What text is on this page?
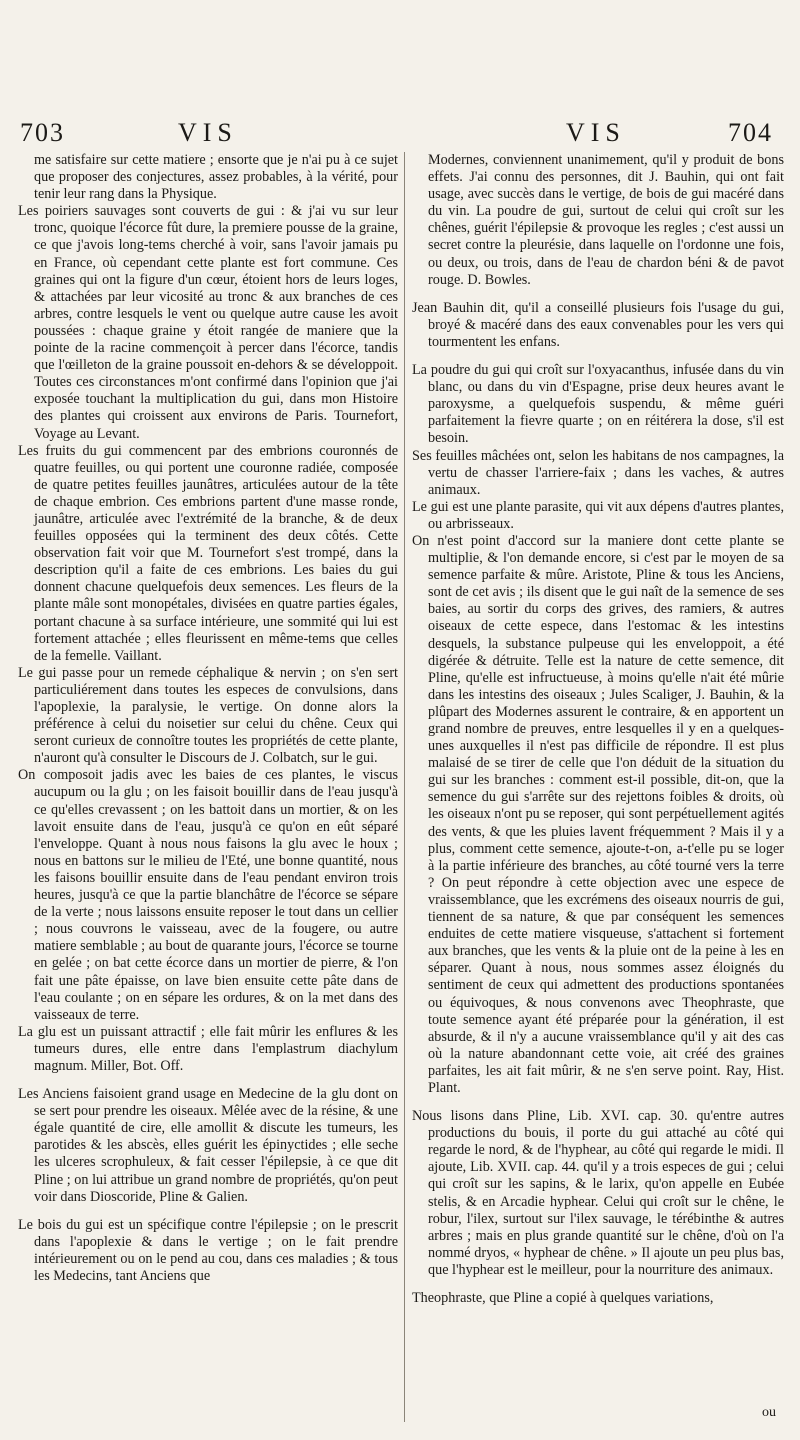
703	VIS	VIS	704

me satisfaire sur cette matiere ; ensorte que je n'ai pu à ce sujet que proposer des conjectures, assez probables, à la vérité, pour tenir leur rang dans la Physique.

Les poiriers sauvages sont couverts de gui : & j'ai vu sur leur tronc, quoique l'écorce fût dure, la premiere pousse de la graine, ce que j'avois long-tems cherché à voir, sans l'avoir jamais pu en France, où cependant cette plante est fort commune. Ces graines qui ont la figure d'un cœur, étoient hors de leurs loges, & attachées par leur vicosité au tronc & aux branches de ces arbres, contre lesquels le vent ou quelque autre cause les avoit poussées : chaque graine y étoit rangée de maniere que la pointe de la racine commençoit à percer dans l'écorce, tandis que l'œilleton de la graine poussoit en-dehors & se développoit. Toutes ces circonstances m'ont confirmé dans l'opinion que j'ai exposée touchant la multiplication du gui, dans mon Histoire des plantes qui croissent aux environs de Paris. Tournefort, Voyage au Levant.

Les fruits du gui commencent par des embrions couronnés de quatre feuilles, ou qui portent une couronne radiée, composée de quatre petites feuilles jaunâtres, articulées autour de la tête de chaque embrion. Ces embrions partent d'une masse ronde, jaunâtre, articulée avec l'extrémité de la branche, & de deux feuilles opposées qui la terminent des deux côtés. Cette observation fait voir que M. Tournefort s'est trompé, dans la description qu'il a faite de ces embrions. Les baies du gui donnent chacune quelquefois deux semences. Les fleurs de la plante mâle sont monopétales, divisées en quatre parties égales, portant chacune à sa surface intérieure, une sommité qui lui est fortement attachée ; elles fleurissent en même-tems que celles de la femelle. Vaillant.

Le gui passe pour un remede céphalique & nervin ; on s'en sert particuliérement dans toutes les especes de convulsions, dans l'apoplexie, la paralysie, le vertige. On donne alors la préférence à celui du noisetier sur celui du chêne. Ceux qui seront curieux de connoître toutes les propriétés de cette plante, n'auront qu'à consulter le Discours de J. Colbatch, sur le gui.

On composoit jadis avec les baies de ces plantes, le viscus aucupum ou la glu ; on les faisoit bouillir dans de l'eau jusqu'à ce qu'elles crevassent ; on les battoit dans un mortier, & on les lavoit ensuite dans de l'eau, jusqu'à ce qu'on en eût séparé l'enveloppe. Quant à nous nous faisons la glu avec le houx ; nous en battons sur le milieu de l'Eté, une bonne quantité, nous les faisons bouillir ensuite dans de l'eau pendant environ trois heures, jusqu'à ce que la partie blanchâtre de l'écorce se sépare de la verte ; nous laissons ensuite reposer le tout dans un cellier ; nous couvrons le vaisseau, avec de la fougere, ou autre matiere semblable ; au bout de quarante jours, l'écorce se tourne en gelée ; on bat cette écorce dans un mortier de pierre, & l'on fait une pâte épaisse, on lave bien ensuite cette pâte dans de l'eau coulante ; on en sépare les ordures, & on la met dans des vaisseaux de terre.

La glu est un puissant attractif ; elle fait mûrir les enflures & les tumeurs dures, elle entre dans l'emplastrum diachylum magnum. Miller, Bot. Off.

Les Anciens faisoient grand usage en Medecine de la glu dont on se sert pour prendre les oiseaux. Mêlée avec de la résine, & une égale quantité de cire, elle amollit & discute les tumeurs, les parotides & les abscès, elles guérit les épinyctides ; elle seche les ulceres scrophuleux, & fait cesser l'épilepsie, à ce que dit Pline ; on lui attribue un grand nombre de propriétés, qu'on peut voir dans Dioscoride, Pline & Galien.

Le bois du gui est un spécifique contre l'épilepsie ; on le prescrit dans l'apoplexie & dans le vertige ; on le fait prendre intérieurement ou on le pend au cou, dans ces maladies ; & tous les Medecins, tant Anciens que

Modernes, conviennent unanimement, qu'il y produit de bons effets. J'ai connu des personnes, dit J. Bauhin, qui ont fait usage, avec succès dans le vertige, de bois de gui macéré dans du vin. La poudre de gui, surtout de celui qui croît sur les chênes, guérit l'épilepsie & provoque les regles ; c'est aussi un secret contre la pleurésie, dans laquelle on l'ordonne une fois, ou deux, ou trois, dans de l'eau de chardon béni & de pavot rouge. D. Bowles.

Jean Bauhin dit, qu'il a conseillé plusieurs fois l'usage du gui, broyé & macéré dans des eaux convenables pour les vers qui tourmentent les enfans.

La poudre du gui qui croît sur l'oxyacanthus, infusée dans du vin blanc, ou dans du vin d'Espagne, prise deux heures avant le paroxysme, a quelquefois suspendu, & même guéri parfaitement la fievre quarte ; on en réitérera la dose, s'il est besoin.

Ses feuilles mâchées ont, selon les habitans de nos campagnes, la vertu de chasser l'arriere-faix ; dans les vaches, & autres animaux.

Le gui est une plante parasite, qui vit aux dépens d'autres plantes, ou arbrisseaux.

On n'est point d'accord sur la maniere dont cette plante se multiplie, & l'on demande encore, si c'est par le moyen de sa semence parfaite & mûre. Aristote, Pline & tous les Anciens, sont de cet avis ; ils disent que le gui naît de la semence de ses baies, au sortir du corps des grives, des ramiers, & autres oiseaux de cette espece, dans l'estomac & les intestins desquels, la substance pulpeuse qui les enveloppoit, a été digérée & détruite. Telle est la nature de cette semence, dit Pline, qu'elle est infructueuse, à moins qu'elle n'ait été mûrie dans les intestins des oiseaux ; Jules Scaliger, J. Bauhin, & la plûpart des Modernes assurent le contraire, & en apportent un grand nombre de preuves, entre lesquelles il y en a quelques-unes auxquelles il n'est pas difficile de répondre. Il est plus malaisé de se tirer de celle que l'on déduit de la situation du gui sur les branches : comment est-il possible, dit-on, que la semence du gui s'arrête sur des rejettons foibles & droits, où les oiseaux n'ont pu se reposer, qui sont perpétuellement agités des vents, & que les pluies lavent fréquemment ? Mais il y a plus, comment cette semence, ajoute-t-on, a-t'elle pu se loger à la partie inférieure des branches, au côté tourné vers la terre ? On peut répondre à cette objection avec une espece de vraissemblance, que les excrémens des oiseaux nourris de gui, tiennent de sa nature, & que par conséquent les semences enduites de cette matiere visqueuse, s'attachent si fortement aux branches, que les vents & la pluie ont de la peine à les en séparer. Quant à nous, nous sommes assez éloignés du sentiment de ceux qui admettent des productions spontanées ou équivoques, & nous convenons avec Theophraste, que toute semence ayant été préparée pour la génération, il est absurde, & il n'y a aucune vraissemblance qu'il y ait des cas où la nature abandonnant cette voie, ait créé des graines parfaites, les ait fait mûrir, & ne s'en serve point. Ray, Hist. Plant.

Nous lisons dans Pline, Lib. XVI. cap. 30. qu'entre autres productions du bouis, il porte du gui attaché au côté qui regarde le nord, & de l'hyphear, au côté qui regarde le midi. Il ajoute, Lib. XVII. cap. 44. qu'il y a trois especes de gui ; celui qui croît sur les sapins, & le larix, qu'on appelle en Eubée stelis, & en Arcadie hyphear. Celui qui croît sur le chêne, le robur, l'ilex, surtout sur l'ilex sauvage, le térébinthe & autres arbres ; mais en plus grande quantité sur le chêne, d'où on l'a nommé dryos, « hyphear de chêne. » Il ajoute un peu plus bas, que l'hyphear est le meilleur, pour la nourriture des animaux.

Theophraste, que Pline a copié à quelques variations,

ou
